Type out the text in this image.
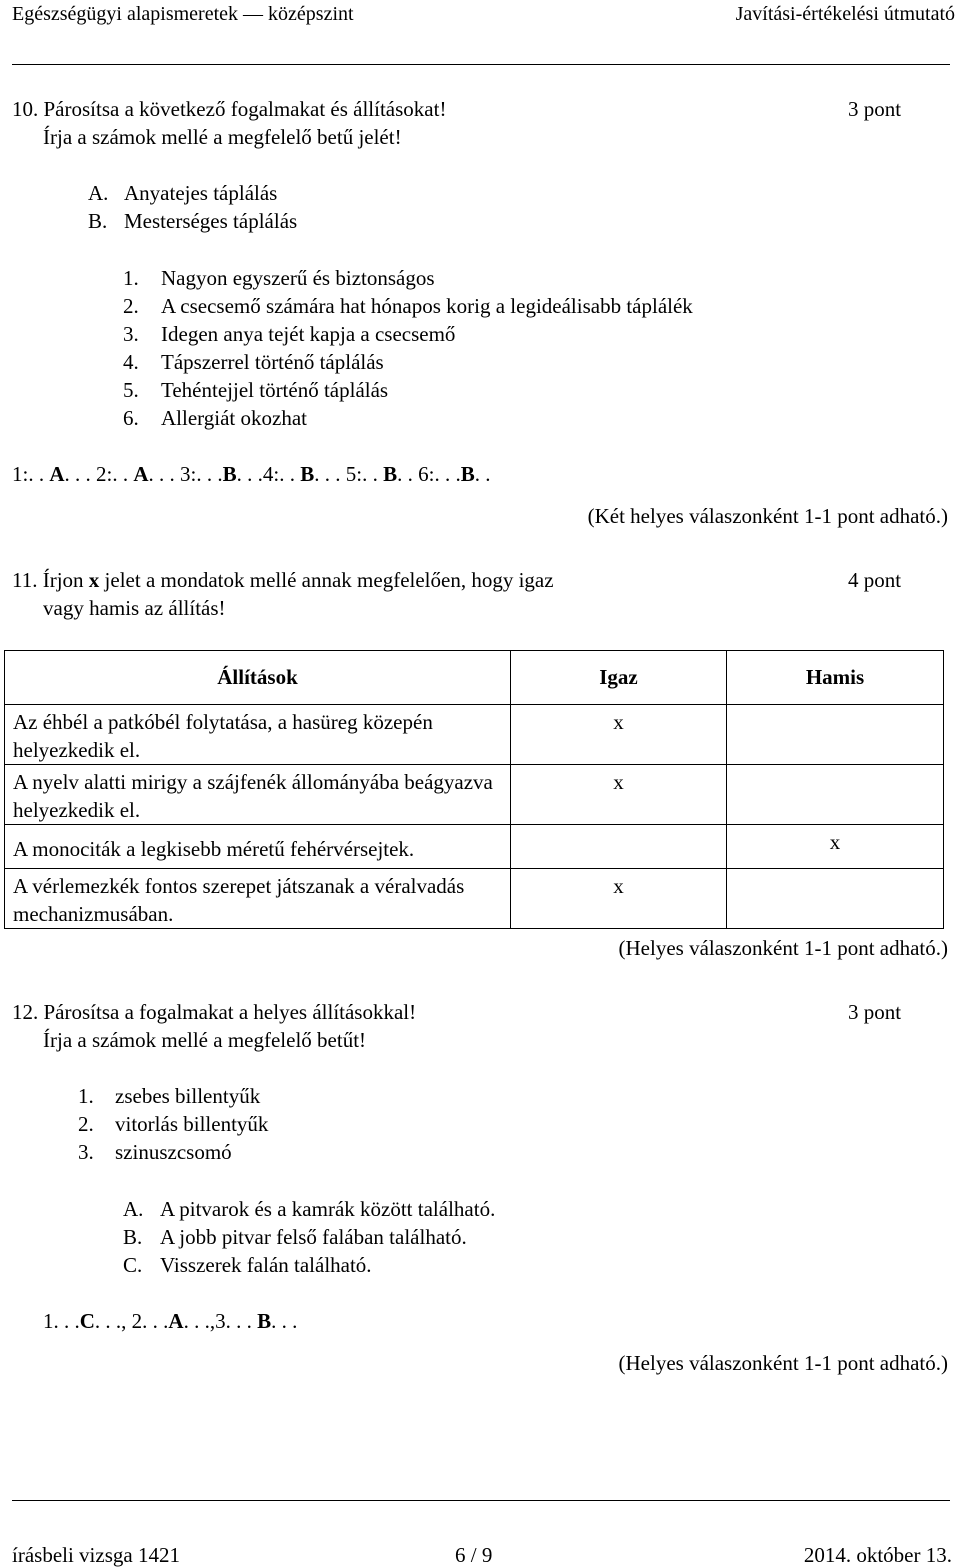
Egészségügyi alapismeretek — középszint	Javítási-értékelési útmutató
10. Párosítsa a következő fogalmakat és állításokat!	3 pont
Írja a számok mellé a megfelelő betű jelét!
A. Anyatejes táplálás
B. Mesterséges táplálás
1. Nagyon egyszerű és biztonságos
2. A csecsemő számára hat hónapos korig a legideálisabb táplálék
3. Idegen anya tejét kapja a csecsemő
4. Tápszerrel történő táplálás
5. Tehéntejjel történő táplálás
6. Allergiát okozhat
1:. . A. . . 2:. . A. . . 3:. . .B. . .4:. . B. . . 5:. . B. . 6:. . .B. .
(Két helyes válaszonként 1-1 pont adható.)
11. Írjon x jelet a mondatok mellé annak megfelelően, hogy igaz	4 pont
vagy hamis az állítás!
Állítások	Igaz	Hamis
Az éhbél a patkóbél folytatása, a hasüreg közepén helyezkedik el.	x	
A nyelv alatti mirigy a szájfenék állományába beágyazva helyezkedik el.	x	
A monociták a legkisebb méretű fehérvérsejtek.		x
A vérlemezkék fontos szerepet játszanak a véralvadás mechanizmusában.	x	
(Helyes válaszonként 1-1 pont adható.)
12. Párosítsa a fogalmakat a helyes állításokkal!	3 pont
Írja a számok mellé a megfelelő betűt!
1. zsebes billentyűk
2. vitorlás billentyűk
3. szinuszcsomó
A. A pitvarok és a kamrák között található.
B. A jobb pitvar felső falában található.
C. Visszerek falán található.
1. . .C. . ., 2. . .A. . .,3. . . B. . .
(Helyes válaszonként 1-1 pont adható.)
írásbeli vizsga 1421	6 / 9	2014. október 13.
